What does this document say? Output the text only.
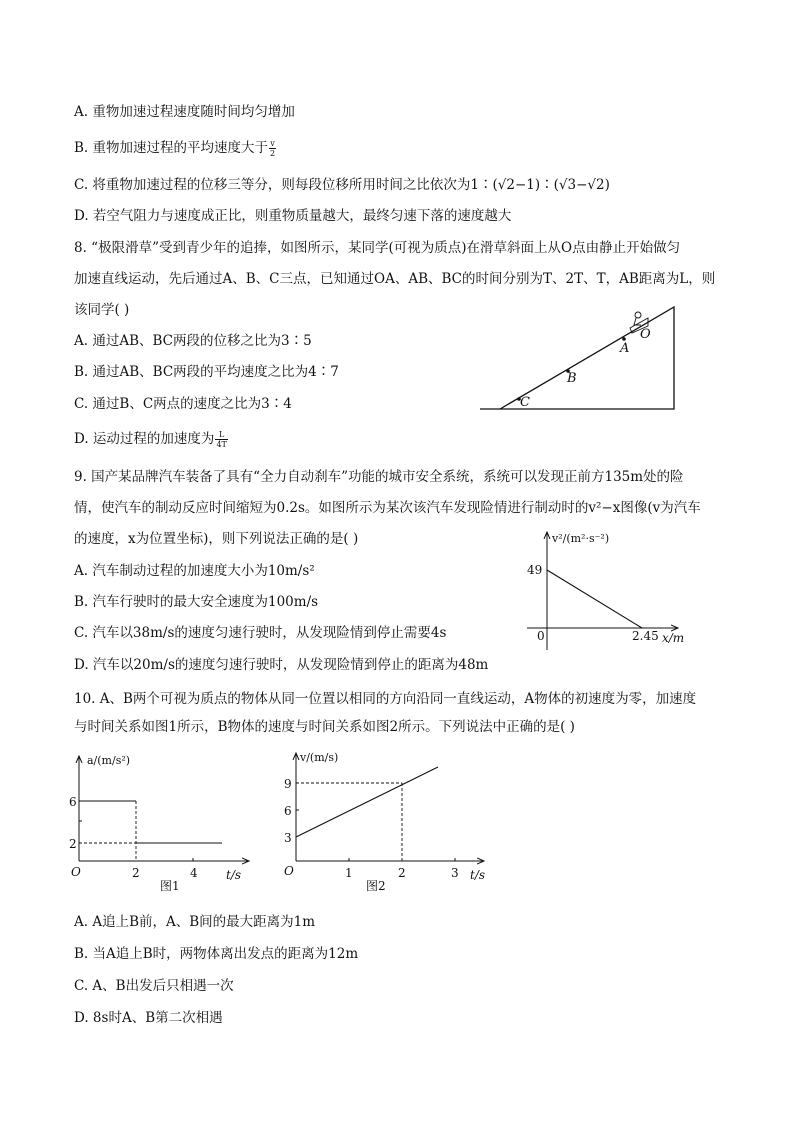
A. 重物加速过程速度随时间均匀增加
B. 重物加速过程的平均速度大于 $\frac{v}{2}$
C. 将重物加速过程的位移三等分，则每段位移所用时间之比依次为1∶(√2−1)∶(√3−√2)
D. 若空气阻力与速度成正比，则重物质量越大，最终匀速下落的速度越大
8. “极限滑草”受到青少年的追捧，如图所示，某同学(可视为质点)在滑草斜面上从O点由静止开始做匀
加速直线运动，先后通过A、B、C三点，已知通过OA、AB、BC的时间分别为T、2T、T，AB距离为L，则
该同学( )
A. 通过AB、BC两段的位移之比为3∶5
B. 通过AB、BC两段的平均速度之比为4∶7
C. 通过B、C两点的速度之比为3∶4
D. 运动过程的加速度为 $\frac{L}{4T}$
O
A
B
C
9. 国产某品牌汽车装备了具有“全力自动刹车”功能的城市安全系统，系统可以发现正前方135m处的险
情，使汽车的制动反应时间缩短为0.2s。如图所示为某次该汽车发现险情进行制动时的v²−x图像(v为汽车
的速度，x为位置坐标)，则下列说法正确的是( )
A. 汽车制动过程的加速度大小为10m/s²
B. 汽车行驶时的最大安全速度为100m/s
C. 汽车以38m/s的速度匀速行驶时，从发现险情到停止需要4s
D. 汽车以20m/s的速度匀速行驶时，从发现险情到停止的距离为48m
v²/(m²·s⁻²)
49
0	2.45 x/m
10. A、B两个可视为质点的物体从同一位置以相同的方向沿同一直线运动，A物体的初速度为零，加速度
与时间关系如图1所示，B物体的速度与时间关系如图2所示。下列说法中正确的是( )
a/(m/s²)
6
2
O	2	4 t/s
图1
v/(m/s)
9
6
3
O	1	2	3 t/s
图2
A. A追上B前，A、B间的最大距离为1m
B. 当A追上B时，两物体离出发点的距离为12m
C. A、B出发后只相遇一次
D. 8s时A、B第二次相遇
